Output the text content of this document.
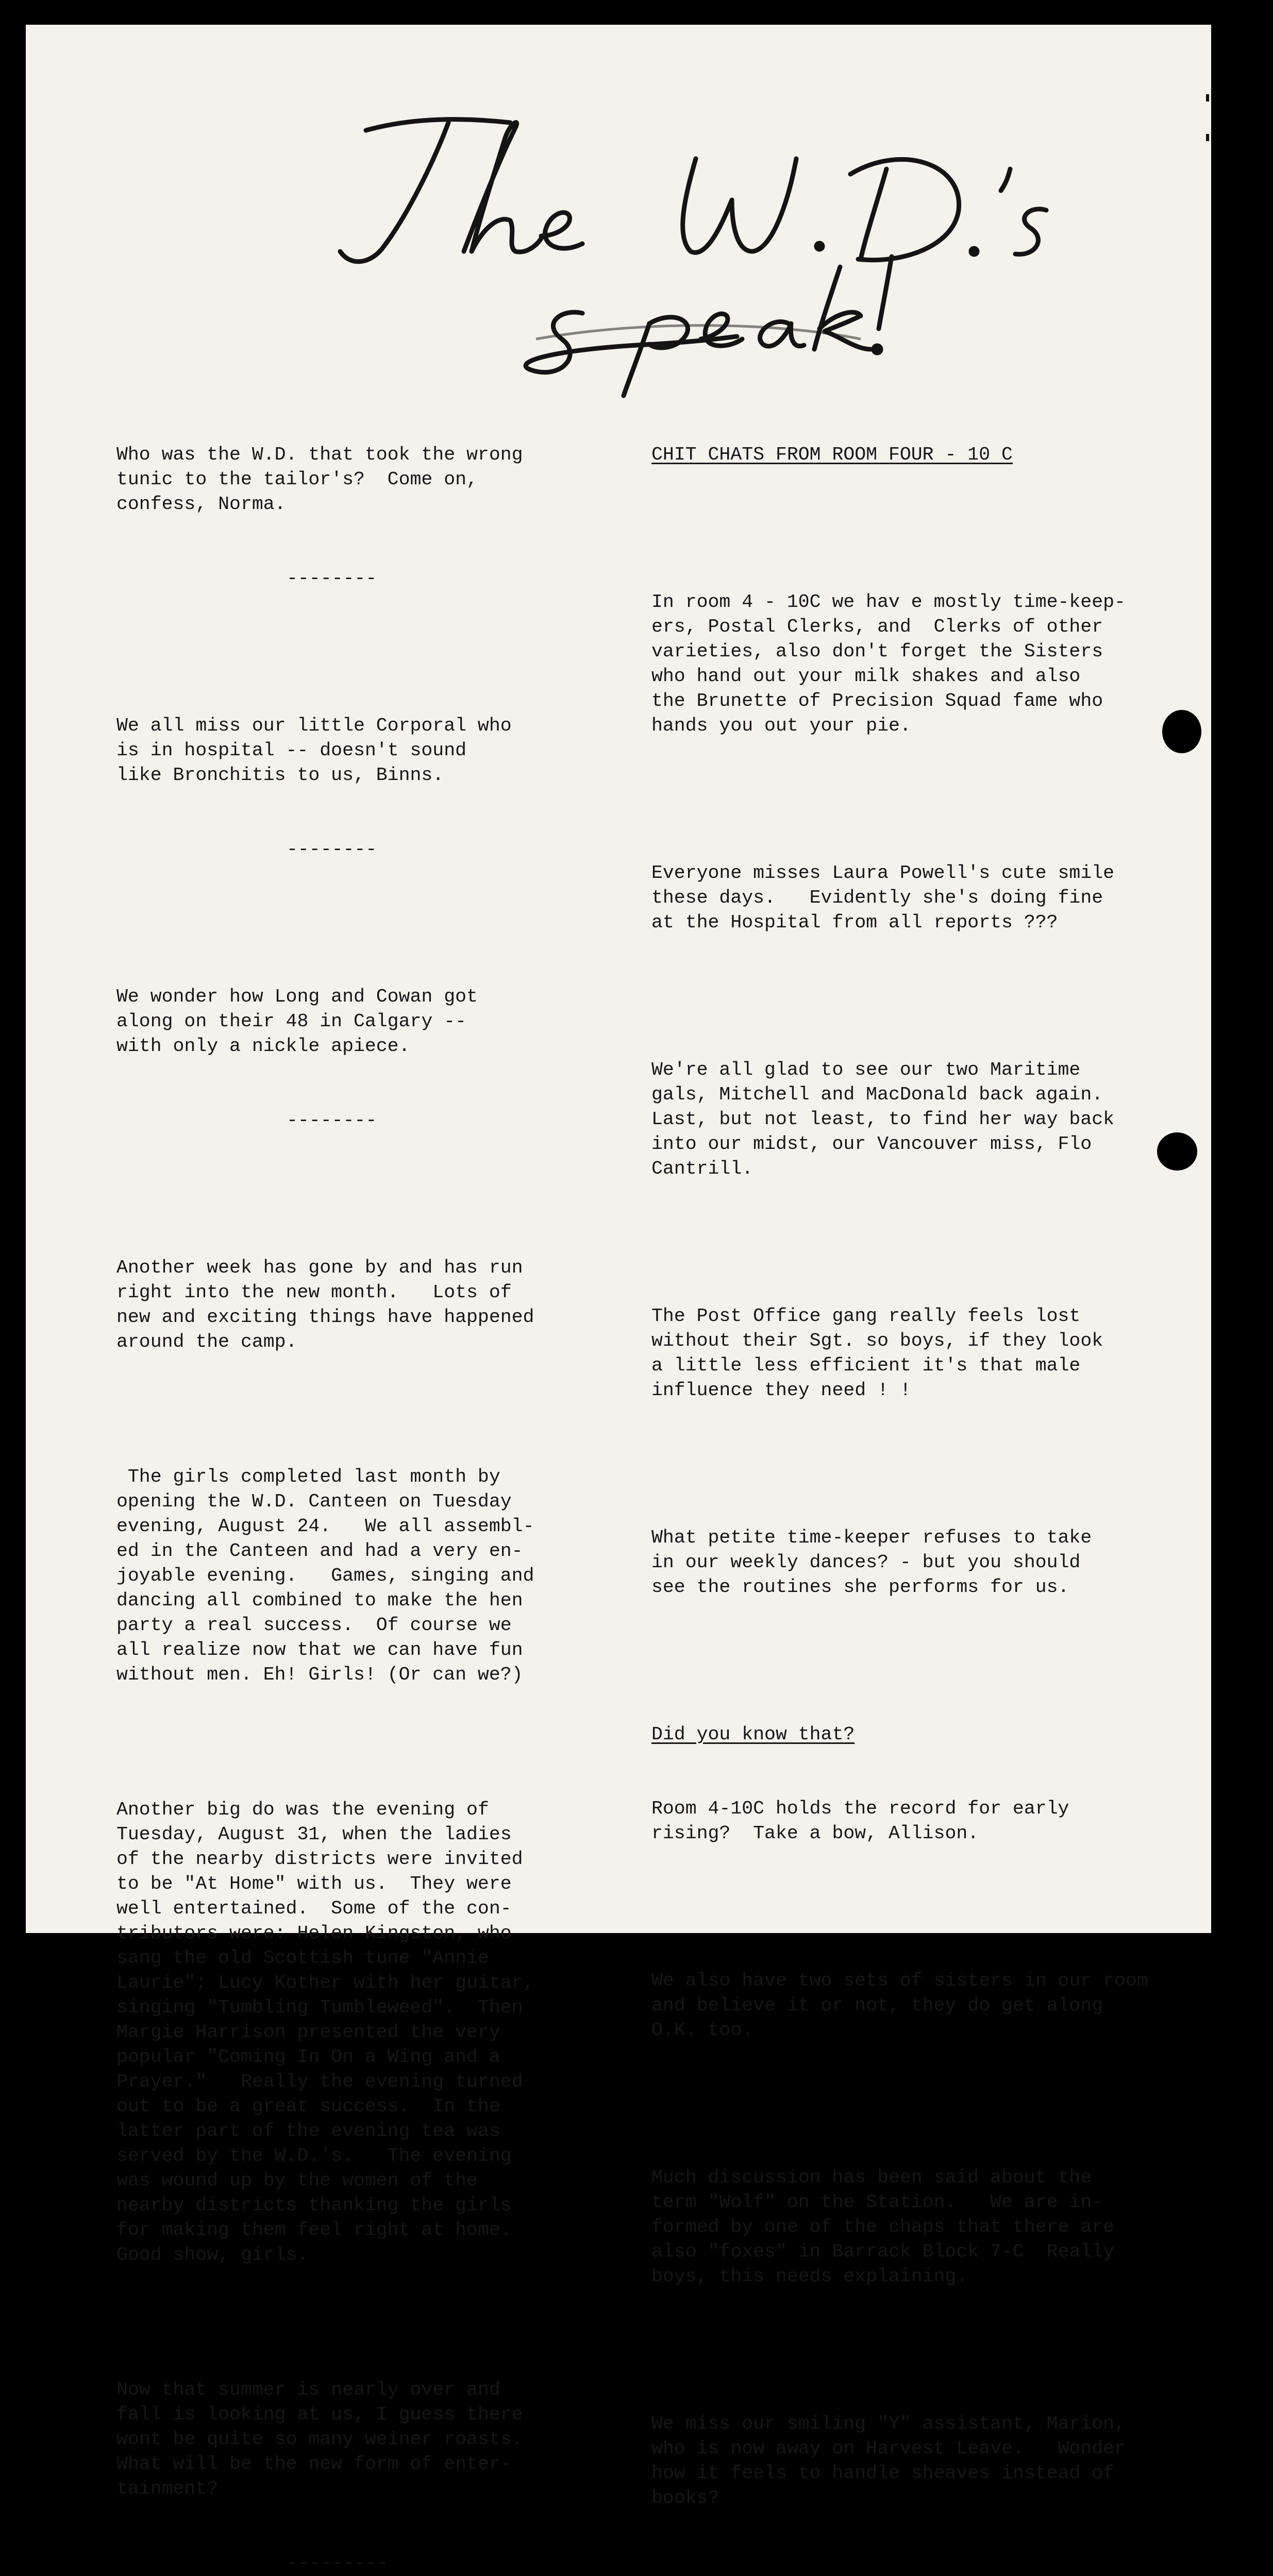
Who was the W.D. that took the wrong
tunic to the tailor's?  Come on,
confess, Norma.

--------

We all miss our little Corporal who
is in hospital -- doesn't sound
like Bronchitis to us, Binns.

--------

We wonder how Long and Cowan got
along on their 48 in Calgary --
with only a nickle apiece.

--------

Another week has gone by and has run
right into the new month.   Lots of
new and exciting things have happened
around the camp.

The girls completed last month by
opening the W.D. Canteen on Tuesday
evening, August 24.   We all assembl-
ed in the Canteen and had a very en-
joyable evening.   Games, singing and
dancing all combined to make the hen
party a real success.  Of course we
all realize now that we can have fun
without men. Eh! Girls! (Or can we?)

Another big do was the evening of
Tuesday, August 31, when the ladies
of the nearby districts were invited
to be "At Home" with us.  They were
well entertained.  Some of the con-
tributors were: Helen Kingston, who
sang the old Scottish tune "Annie
Laurie"; Lucy Kother with her guitar,
singing "Tumbling Tumbleweed".  Then
Margie Harrison presented the very
popular "Coming In On a Wing and a
Prayer."   Really the evening turned
out to be a great success.  In the
latter part of the evening tea was
served by the W.D.'s.   The evening
was wound up by the women of the
nearby districts thanking the girls
for making them feel right at home.
Good show, girls.

Now that summer is nearly over and
fall is looking at us, I guess there
wont be quite so many weiner roasts.
What will be the new form of enter-
tainment?

---------

CHIT CHATS FROM ROOM FOUR - 10 C

In room 4 - 10C we hav e mostly time-keep-
ers, Postal Clerks, and  Clerks of other
varieties, also don't forget the Sisters
who hand out your milk shakes and also
the Brunette of Precision Squad fame who
hands you out your pie.

Everyone misses Laura Powell's cute smile
these days.   Evidently she's doing fine
at the Hospital from all reports ???

We're all glad to see our two Maritime
gals, Mitchell and MacDonald back again.
Last, but not least, to find her way back
into our midst, our Vancouver miss, Flo
Cantrill.

The Post Office gang really feels lost
without their Sgt. so boys, if they look
a little less efficient it's that male
influence they need ! !

What petite time-keeper refuses to take
in our weekly dances? - but you should
see the routines she performs for us.

Did you know that?

Room 4-10C holds the record for early
rising?  Take a bow, Allison.

We also have two sets of sisters in our room
and believe it or not, they do get along
O.K. too.

Much discussion has been said about the
term "Wolf" on the Station.   We are in-
formed by one of the chaps that there are
also "foxes" in Barrack Block 7-C  Really
boys, this needs explaining.

We miss our smiling "Y" assistant, Marion,
who is now away on Harvest Leave.   Wonder
how it feels to handle sheaves instead of
books?
